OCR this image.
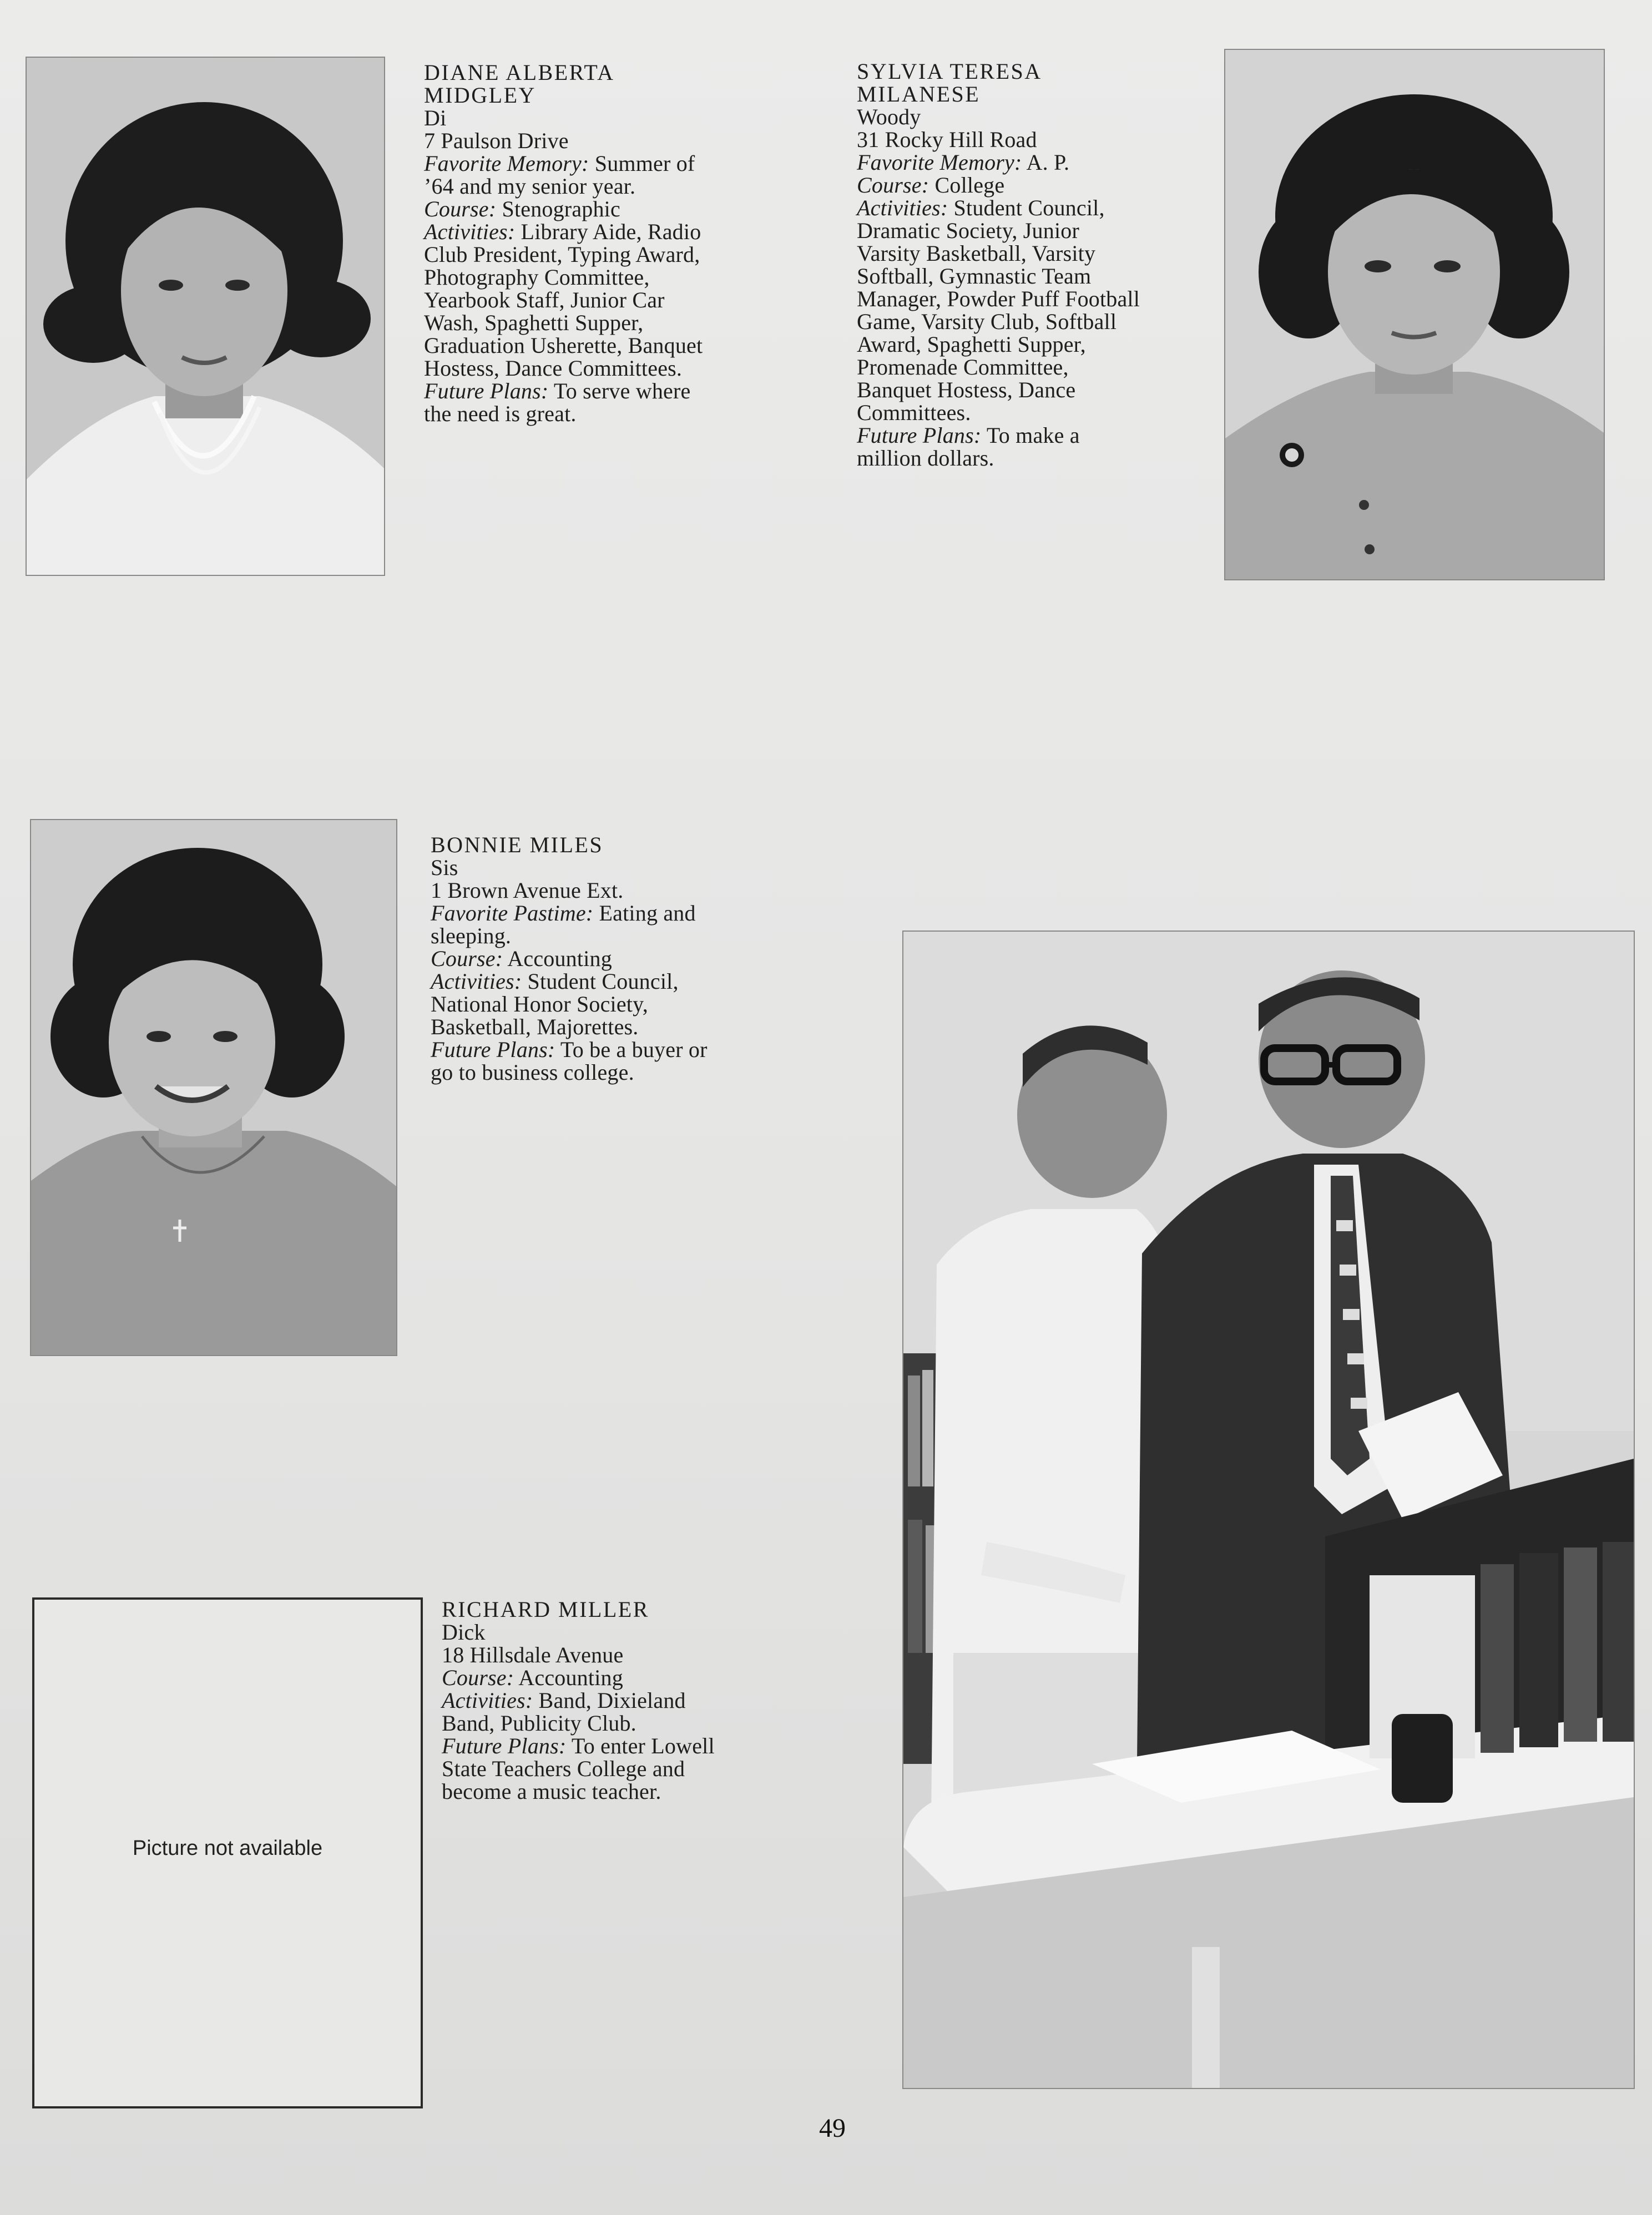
DIANE ALBERTA
MIDGLEY
Di
7 Paulson Drive
Favorite Memory: Summer of
’64 and my senior year.
Course: Stenographic
Activities: Library Aide, Radio
Club President, Typing Award,
Photography Committee,
Yearbook Staff, Junior Car
Wash, Spaghetti Supper,
Graduation Usherette, Banquet
Hostess, Dance Committees.
Future Plans: To serve where
the need is great.
SYLVIA TERESA
MILANESE
Woody
31 Rocky Hill Road
Favorite Memory: A. P.
Course: College
Activities: Student Council,
Dramatic Society, Junior
Varsity Basketball, Varsity
Softball, Gymnastic Team
Manager, Powder Puff Football
Game, Varsity Club, Softball
Award, Spaghetti Supper,
Promenade Committee,
Banquet Hostess, Dance
Committees.
Future Plans: To make a
million dollars.
BONNIE MILES
Sis
1 Brown Avenue Ext.
Favorite Pastime: Eating and
sleeping.
Course: Accounting
Activities: Student Council,
National Honor Society,
Basketball, Majorettes.
Future Plans: To be a buyer or
go to business college.
Picture not available
RICHARD MILLER
Dick
18 Hillsdale Avenue
Course: Accounting
Activities: Band, Dixieland
Band, Publicity Club.
Future Plans: To enter Lowell
State Teachers College and
become a music teacher.
49
